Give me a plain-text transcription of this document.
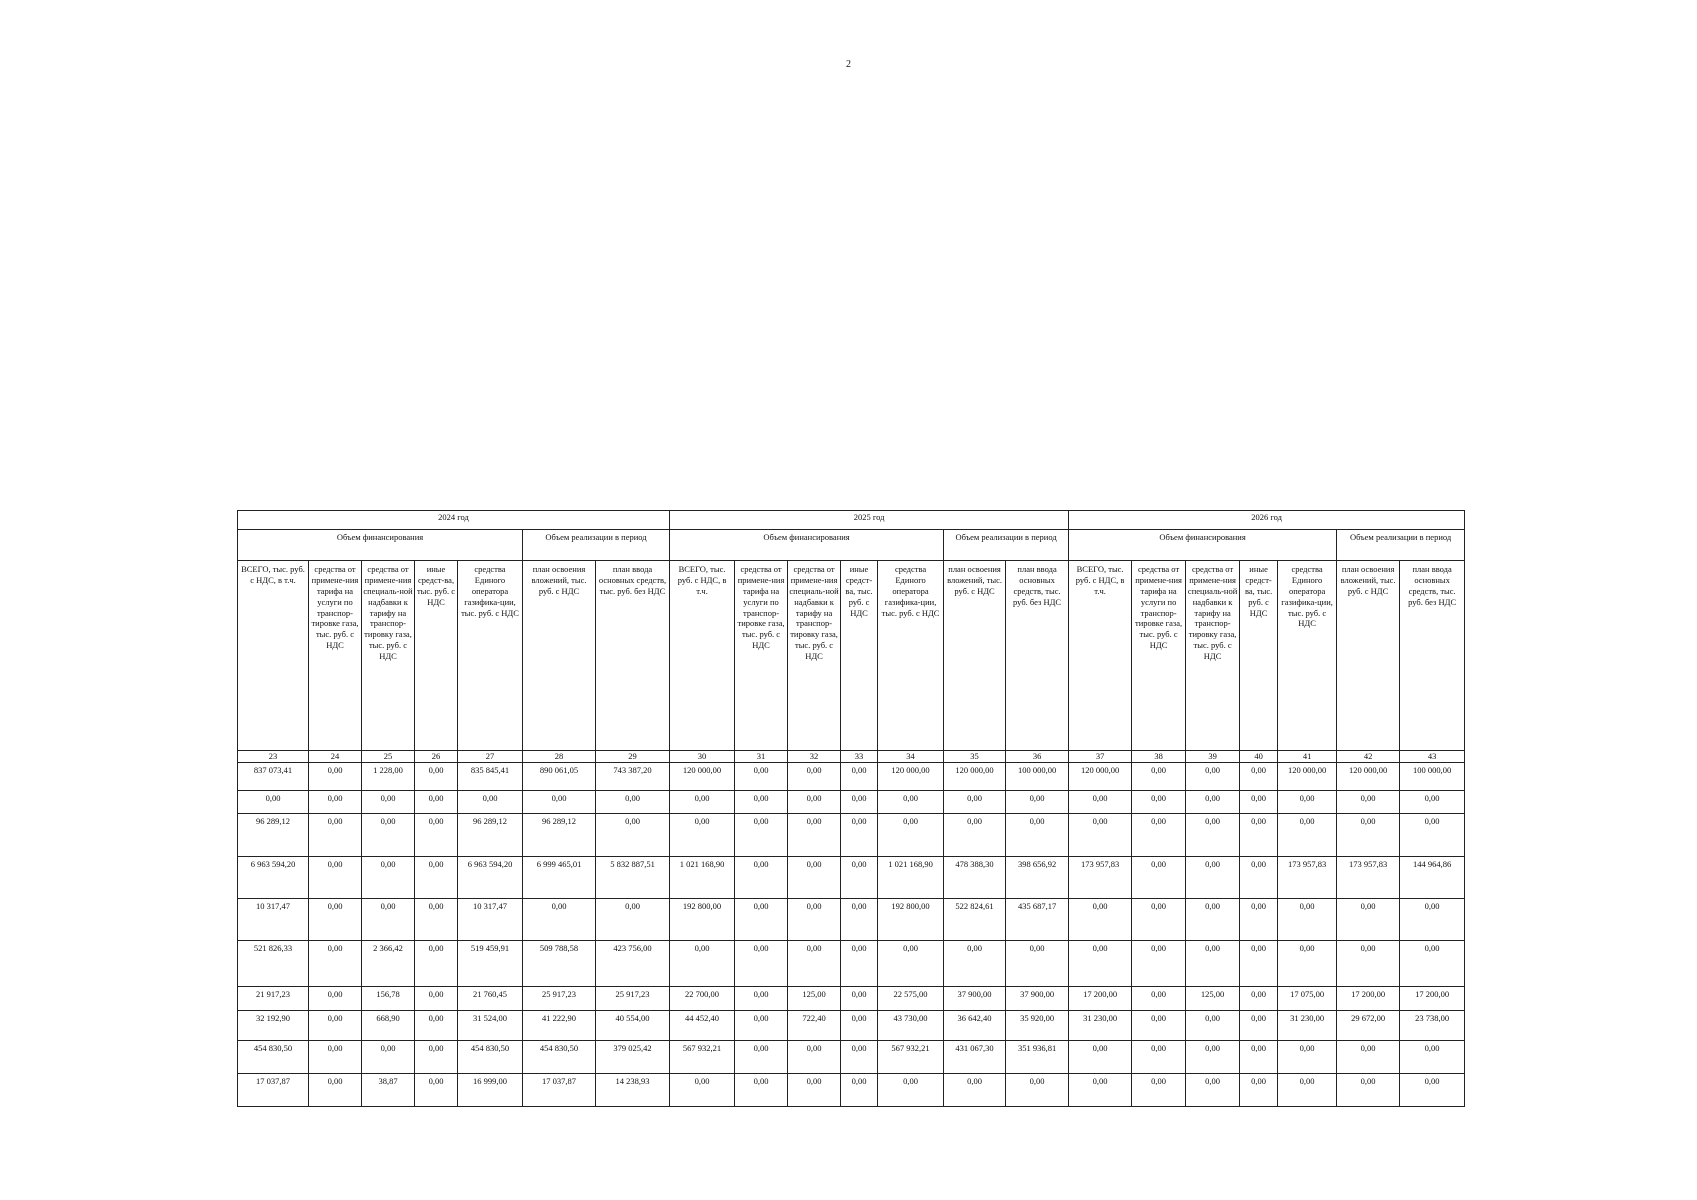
2
2024 год							2025 год							2026 год						
Объем финансирования					Объем реализации в период		Объем финансирования					Объем реализации в период		Объем финансирования					Объем реализации в период	
ВСЕГО, тыс. руб. с НДС, в т.ч.	средства от примене-ния тарифа на услуги по транспор-тировке газа, тыс. руб. с НДС	средства от примене-ния специаль-ной надбавки к тарифу на транспор-тировку газа, тыс. руб. с НДС	иные средст-ва, тыс. руб. с НДС	средства Единого оператора газифика-ции, тыс. руб. с НДС	план освоения вложений, тыс. руб. с НДС	план ввода основных средств, тыс. руб. без НДС	ВСЕГО, тыс. руб. с НДС, в т.ч.	средства от примене-ния тарифа на услуги по транспор-тировке газа, тыс. руб. с НДС	средства от примене-ния специаль-ной надбавки к тарифу на транспор-тировку газа, тыс. руб. с НДС	иные средст-ва, тыс. руб. с НДС	средства Единого оператора газифика-ции, тыс. руб. с НДС	план освоения вложений, тыс. руб. с НДС	план ввода основных средств, тыс. руб. без НДС	ВСЕГО, тыс. руб. с НДС, в т.ч.	средства от примене-ния тарифа на услуги по транспор-тировке газа, тыс. руб. с НДС	средства от примене-ния специаль-ной надбавки к тарифу на транспор-тировку газа, тыс. руб. с НДС	иные средст-ва, тыс. руб. с НДС	средства Единого оператора газифика-ции, тыс. руб. с НДС	план освоения вложений, тыс. руб. с НДС	план ввода основных средств, тыс. руб. без НДС
23	24	25	26	27	28	29	30	31	32	33	34	35	36	37	38	39	40	41	42	43
837 073,41	0,00	1 228,00	0,00	835 845,41	890 061,05	743 387,20	120 000,00	0,00	0,00	0,00	120 000,00	120 000,00	100 000,00	120 000,00	0,00	0,00	0,00	120 000,00	120 000,00	100 000,00
0,00	0,00	0,00	0,00	0,00	0,00	0,00	0,00	0,00	0,00	0,00	0,00	0,00	0,00	0,00	0,00	0,00	0,00	0,00	0,00	0,00
96 289,12	0,00	0,00	0,00	96 289,12	96 289,12	0,00	0,00	0,00	0,00	0,00	0,00	0,00	0,00	0,00	0,00	0,00	0,00	0,00	0,00	0,00
6 963 594,20	0,00	0,00	0,00	6 963 594,20	6 999 465,01	5 832 887,51	1 021 168,90	0,00	0,00	0,00	1 021 168,90	478 388,30	398 656,92	173 957,83	0,00	0,00	0,00	173 957,83	173 957,83	144 964,86
10 317,47	0,00	0,00	0,00	10 317,47	0,00	0,00	192 800,00	0,00	0,00	0,00	192 800,00	522 824,61	435 687,17	0,00	0,00	0,00	0,00	0,00	0,00	0,00
521 826,33	0,00	2 366,42	0,00	519 459,91	509 788,58	423 756,00	0,00	0,00	0,00	0,00	0,00	0,00	0,00	0,00	0,00	0,00	0,00	0,00	0,00	0,00
21 917,23	0,00	156,78	0,00	21 760,45	25 917,23	25 917,23	22 700,00	0,00	125,00	0,00	22 575,00	37 900,00	37 900,00	17 200,00	0,00	125,00	0,00	17 075,00	17 200,00	17 200,00
32 192,90	0,00	668,90	0,00	31 524,00	41 222,90	40 554,00	44 452,40	0,00	722,40	0,00	43 730,00	36 642,40	35 920,00	31 230,00	0,00	0,00	0,00	31 230,00	29 672,00	23 738,00
454 830,50	0,00	0,00	0,00	454 830,50	454 830,50	379 025,42	567 932,21	0,00	0,00	0,00	567 932,21	431 067,30	351 936,81	0,00	0,00	0,00	0,00	0,00	0,00	0,00
17 037,87	0,00	38,87	0,00	16 999,00	17 037,87	14 238,93	0,00	0,00	0,00	0,00	0,00	0,00	0,00	0,00	0,00	0,00	0,00	0,00	0,00	0,00
